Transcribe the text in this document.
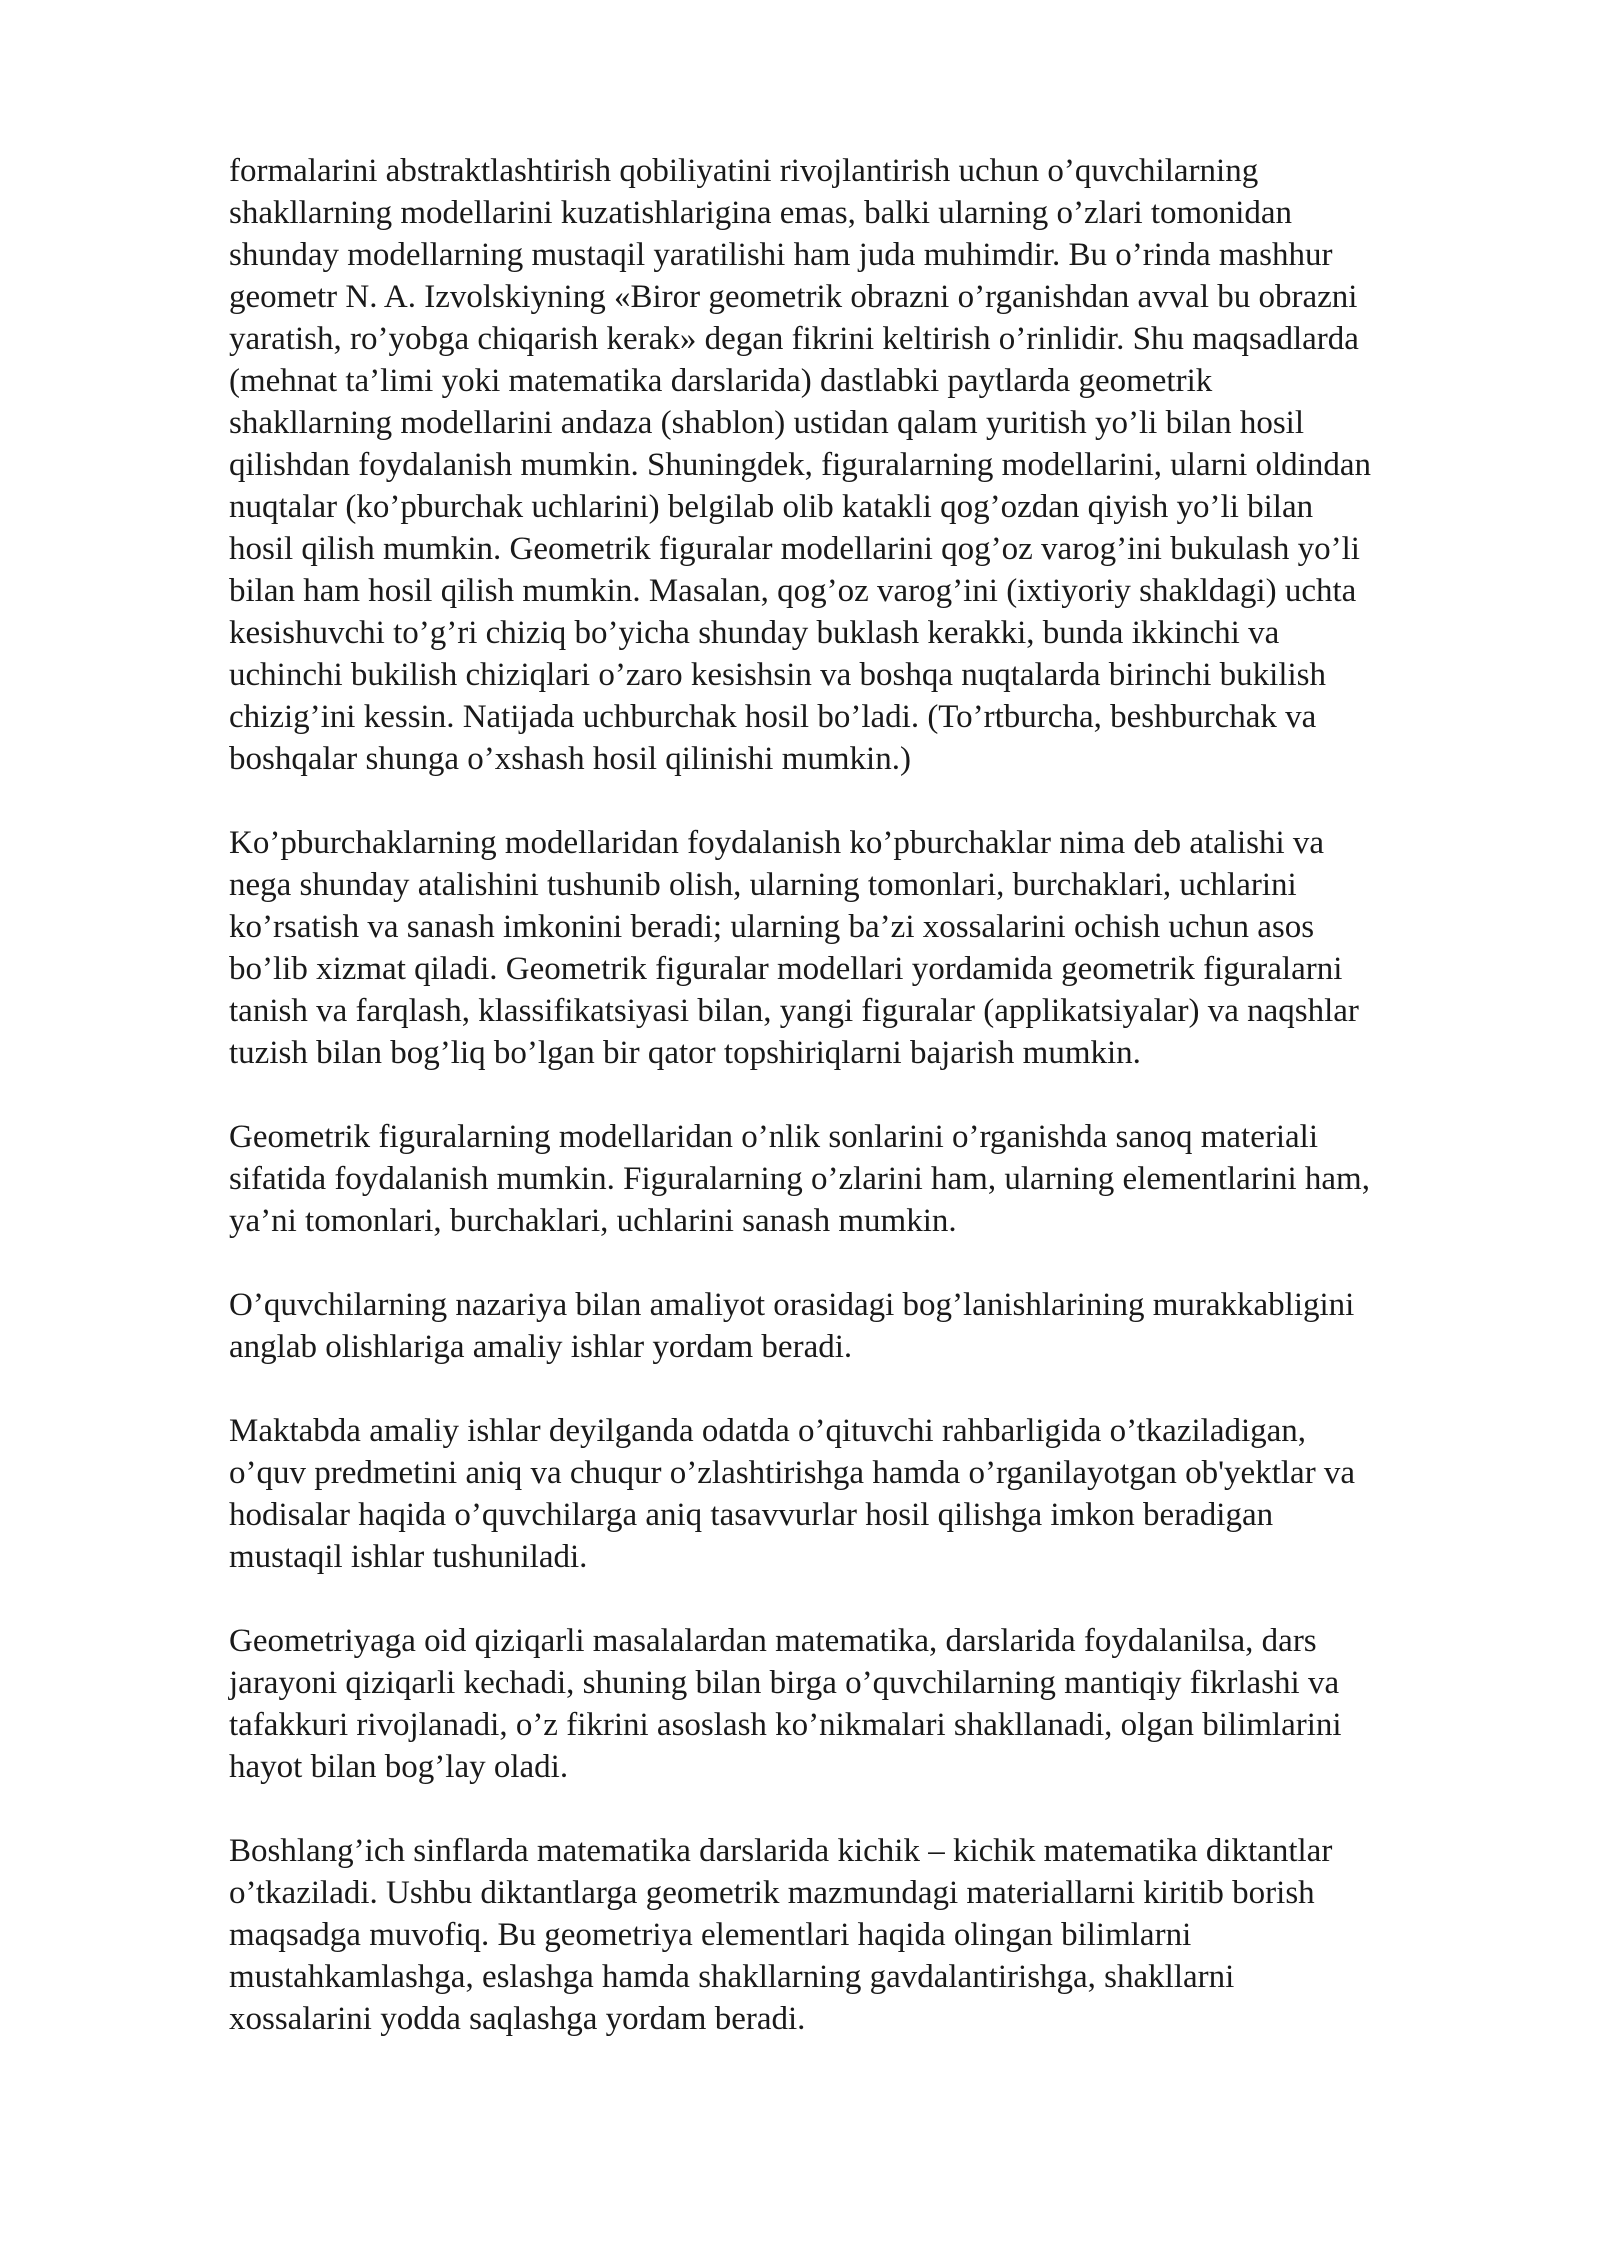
formalarini abstraktlashtirish qobiliyatini rivojlantirish uchun o’quvchilarning
shakllarning modellarini kuzatishlarigina emas, balki ularning o’zlari tomonidan
shunday modellarning mustaqil yaratilishi ham juda muhimdir. Bu o’rinda mashhur
geometr N. A. Izvolskiyning «Biror geometrik obrazni o’rganishdan avval bu obrazni
yaratish, ro’yobga chiqarish kerak» degan fikrini keltirish o’rinlidir. Shu maqsadlarda
(mehnat ta’limi yoki matematika darslarida) dastlabki paytlarda geometrik
shakllarning modellarini andaza (shablon) ustidan qalam yuritish yo’li bilan hosil
qilishdan foydalanish mumkin. Shuningdek, figuralarning modellarini, ularni oldindan
nuqtalar (ko’pburchak uchlarini) belgilab olib katakli qog’ozdan qiyish yo’li bilan
hosil qilish mumkin. Geometrik figuralar modellarini qog’oz varog’ini bukulash yo’li
bilan ham hosil qilish mumkin. Masalan, qog’oz varog’ini (ixtiyoriy shakldagi) uchta
kesishuvchi to’g’ri chiziq bo’yicha shunday buklash kerakki, bunda ikkinchi va
uchinchi bukilish chiziqlari o’zaro kesishsin va boshqa nuqtalarda birinchi bukilish
chizig’ini kessin. Natijada uchburchak hosil bo’ladi. (To’rtburcha, beshburchak va
boshqalar shunga o’xshash hosil qilinishi mumkin.)

Ko’pburchaklarning modellaridan foydalanish ko’pburchaklar nima deb atalishi va
nega shunday atalishini tushunib olish, ularning tomonlari, burchaklari, uchlarini
ko’rsatish va sanash imkonini beradi; ularning ba’zi xossalarini ochish uchun asos
bo’lib xizmat qiladi. Geometrik figuralar modellari yordamida geometrik figuralarni
tanish va farqlash, klassifikatsiyasi bilan, yangi figuralar (applikatsiyalar) va naqshlar
tuzish bilan bog’liq bo’lgan bir qator topshiriqlarni bajarish mumkin.

Geometrik figuralarning modellaridan o’nlik sonlarini o’rganishda sanoq materiali
sifatida foydalanish mumkin. Figuralarning o’zlarini ham, ularning elementlarini ham,
ya’ni tomonlari, burchaklari, uchlarini sanash mumkin.

O’quvchilarning nazariya bilan amaliyot orasidagi bog’lanishlarining murakkabligini
anglab olishlariga amaliy ishlar yordam beradi.

Maktabda amaliy ishlar deyilganda odatda o’qituvchi rahbarligida o’tkaziladigan,
o’quv predmetini aniq va chuqur o’zlashtirishga hamda o’rganilayotgan ob'yektlar va
hodisalar haqida o’quvchilarga aniq tasavvurlar hosil qilishga imkon beradigan
mustaqil ishlar tushuniladi.

Geometriyaga oid qiziqarli masalalardan matematika, darslarida foydalanilsa, dars
jarayoni qiziqarli kechadi, shuning bilan birga o’quvchilarning mantiqiy fikrlashi va
tafakkuri rivojlanadi, o’z fikrini asoslash ko’nikmalari shakllanadi, olgan bilimlarini
hayot bilan bog’lay oladi.

Boshlang’ich sinflarda matematika darslarida kichik – kichik matematika diktantlar
o’tkaziladi. Ushbu diktantlarga geometrik mazmundagi materiallarni kiritib borish
maqsadga muvofiq. Bu geometriya elementlari haqida olingan bilimlarni
mustahkamlashga, eslashga hamda shakllarning gavdalantirishga, shakllarni
xossalarini yodda saqlashga yordam beradi.
